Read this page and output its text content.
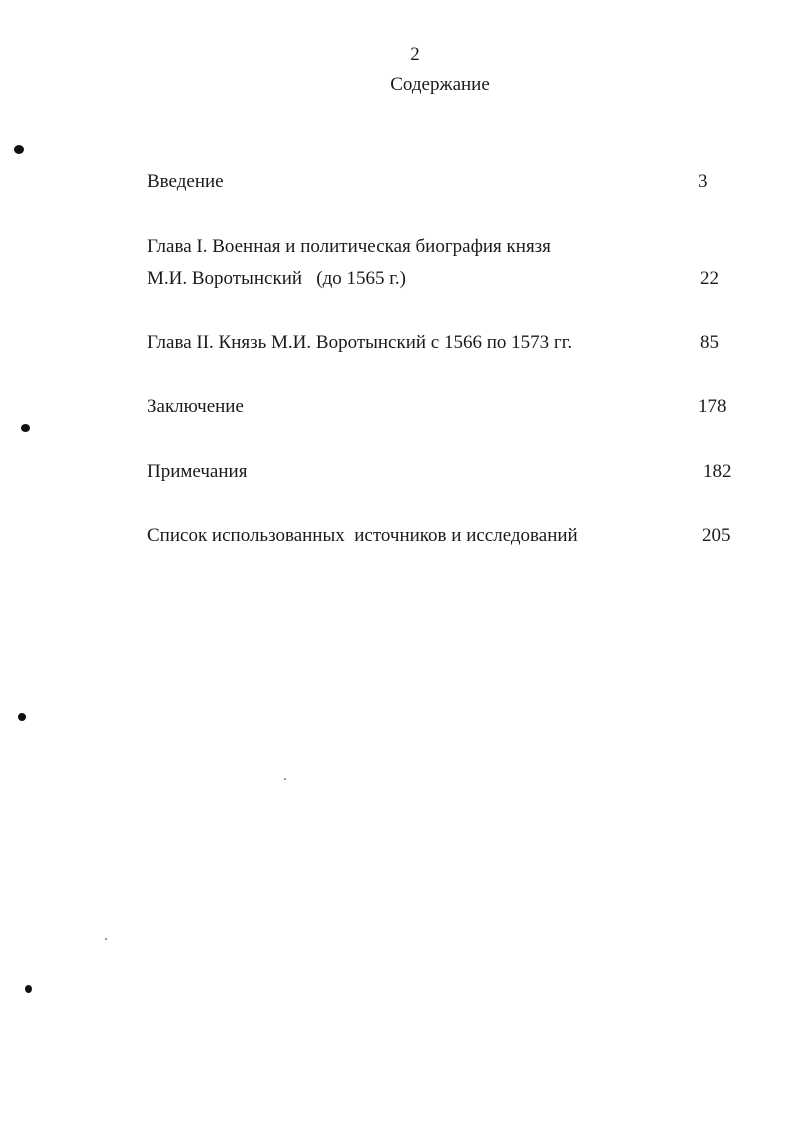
2
Содержание
Введение	3
Глава I. Военная и политическая биография князя
М.И. Воротынский   (до 1565 г.)	22
Глава II. Князь М.И. Воротынский с 1566 по 1573 гг.	85
Заключение	178
Примечания	182
Список использованных  источников и исследований	205
